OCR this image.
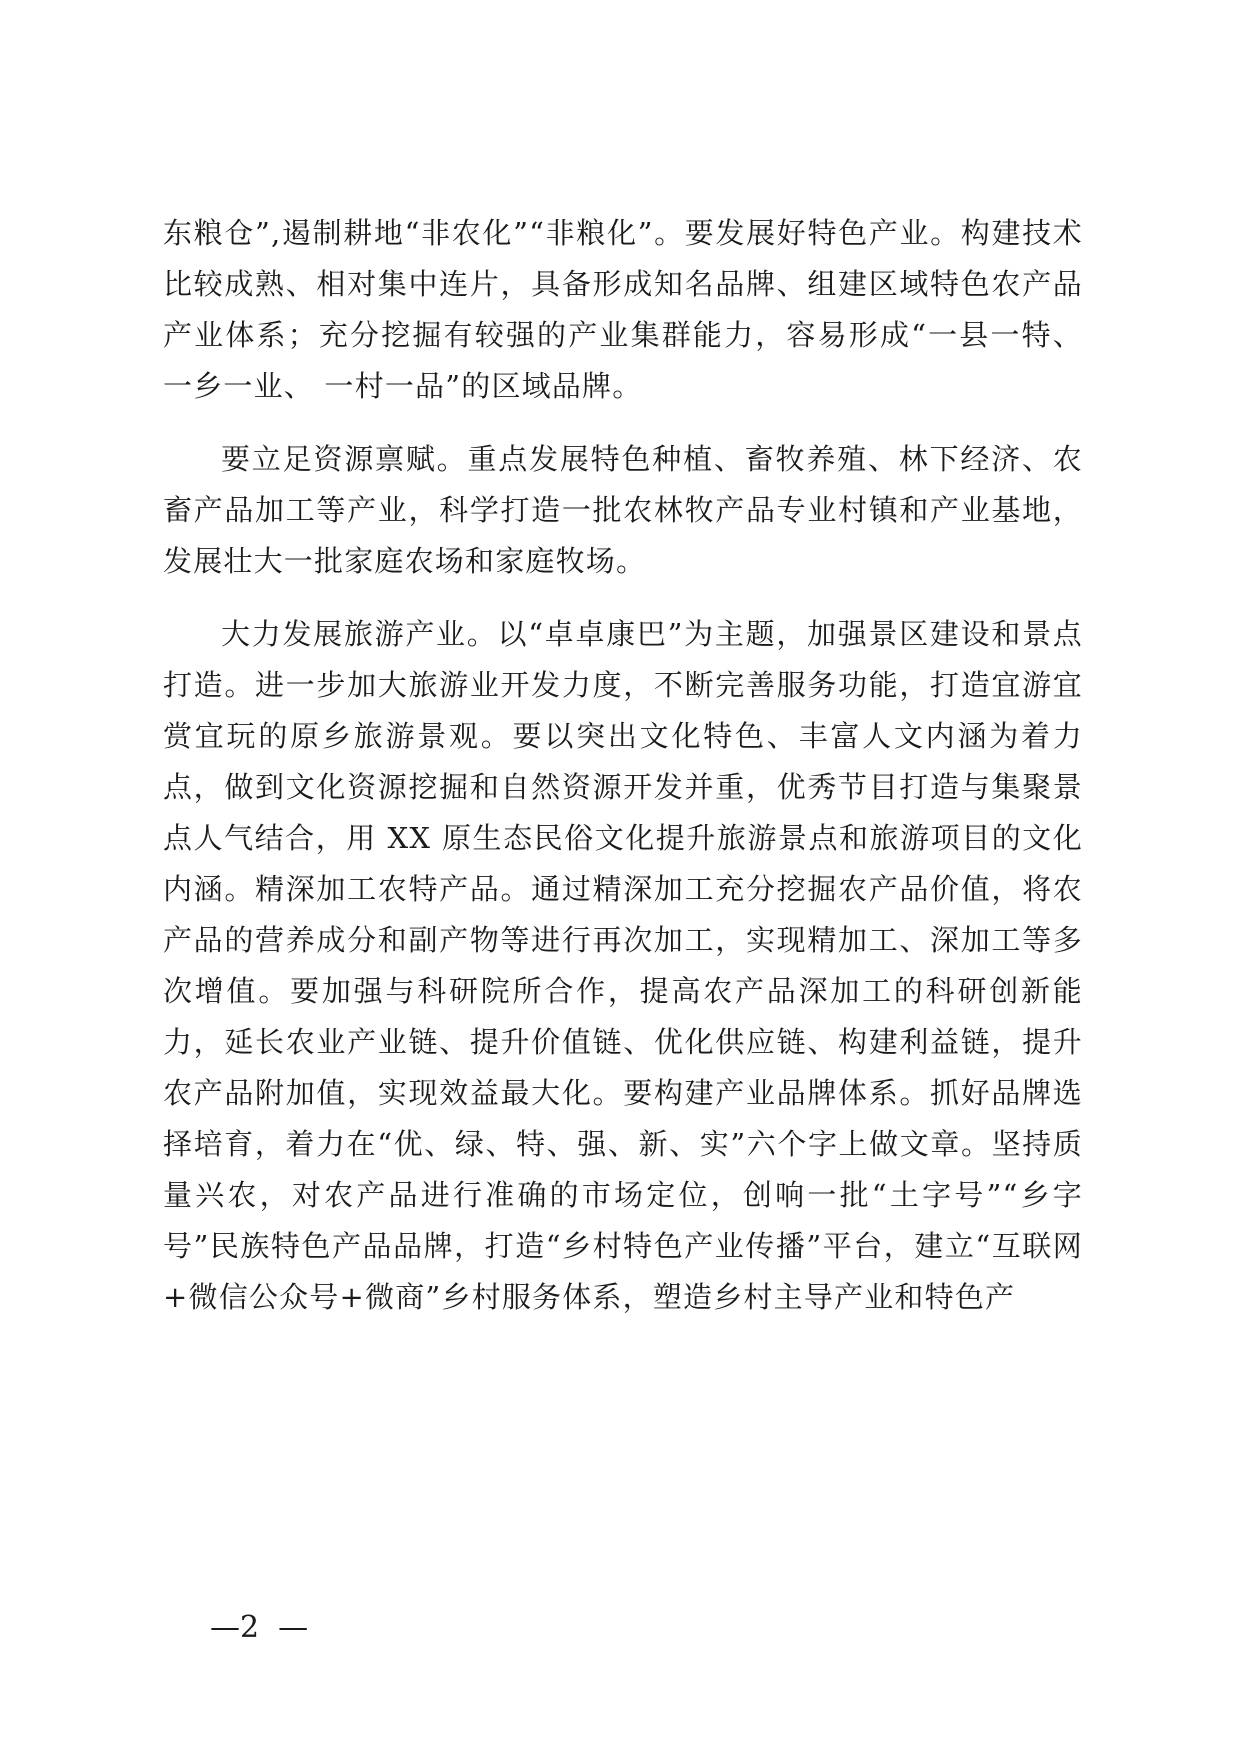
东粮仓”,遏制耕地“非农化”“非粮化”。要发展好特色产业。构建技术比较成熟、相对集中连片，具备形成知名品牌、组建区域特色农产品产业体系；充分挖掘有较强的产业集群能力，容易形成“一县一特、 一乡一业、 一村一品”的区域品牌。

要立足资源禀赋。重点发展特色种植、畜牧养殖、林下经济、农畜产品加工等产业，科学打造一批农林牧产品专业村镇和产业基地，发展壮大一批家庭农场和家庭牧场。

大力发展旅游产业。以“卓卓康巴”为主题，加强景区建设和景点打造。进一步加大旅游业开发力度，不断完善服务功能，打造宜游宜赏宜玩的原乡旅游景观。要以突出文化特色、丰富人文内涵为着力点，做到文化资源挖掘和自然资源开发并重，优秀节目打造与集聚景点人气结合，用 XX 原生态民俗文化提升旅游景点和旅游项目的文化内涵。精深加工农特产品。通过精深加工充分挖掘农产品价值，将农产品的营养成分和副产物等进行再次加工，实现精加工、深加工等多次增值。要加强与科研院所合作，提高农产品深加工的科研创新能力，延长农业产业链、提升价值链、优化供应链、构建利益链，提升农产品附加值，实现效益最大化。要构建产业品牌体系。抓好品牌选择培育，着力在“优、绿、特、强、新、实”六个字上做文章。坚持质量兴农，对农产品进行准确的市场定位，创响一批“土字号”“乡字号”民族特色产品品牌，打造“乡村特色产业传播”平台，建立“互联网+微信公众号+微商”乡村服务体系，塑造乡村主导产业和特色产

—2  —
